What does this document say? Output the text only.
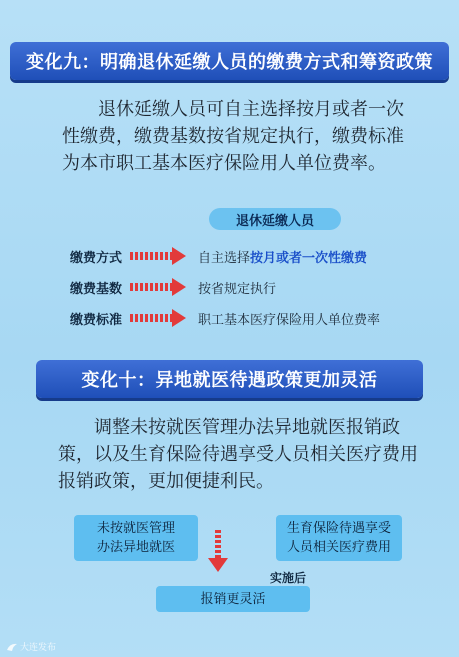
变化九：明确退休延缴人员的缴费方式和筹资政策
退休延缴人员可自主选择按月或者一次性缴费，缴费基数按省规定执行，缴费标准为本市职工基本医疗保险用人单位费率。
退休延缴人员
缴费方式	自主选择按月或者一次性缴费
缴费基数	按省规定执行
缴费标准	职工基本医疗保险用人单位费率
变化十：异地就医待遇政策更加灵活
调整未按就医管理办法异地就医报销政策，以及生育保险待遇享受人员相关医疗费用报销政策，更加便捷利民。
未按就医管理
办法异地就医
生育保险待遇享受
人员相关医疗费用
实施后
报销更灵活
大连发布
